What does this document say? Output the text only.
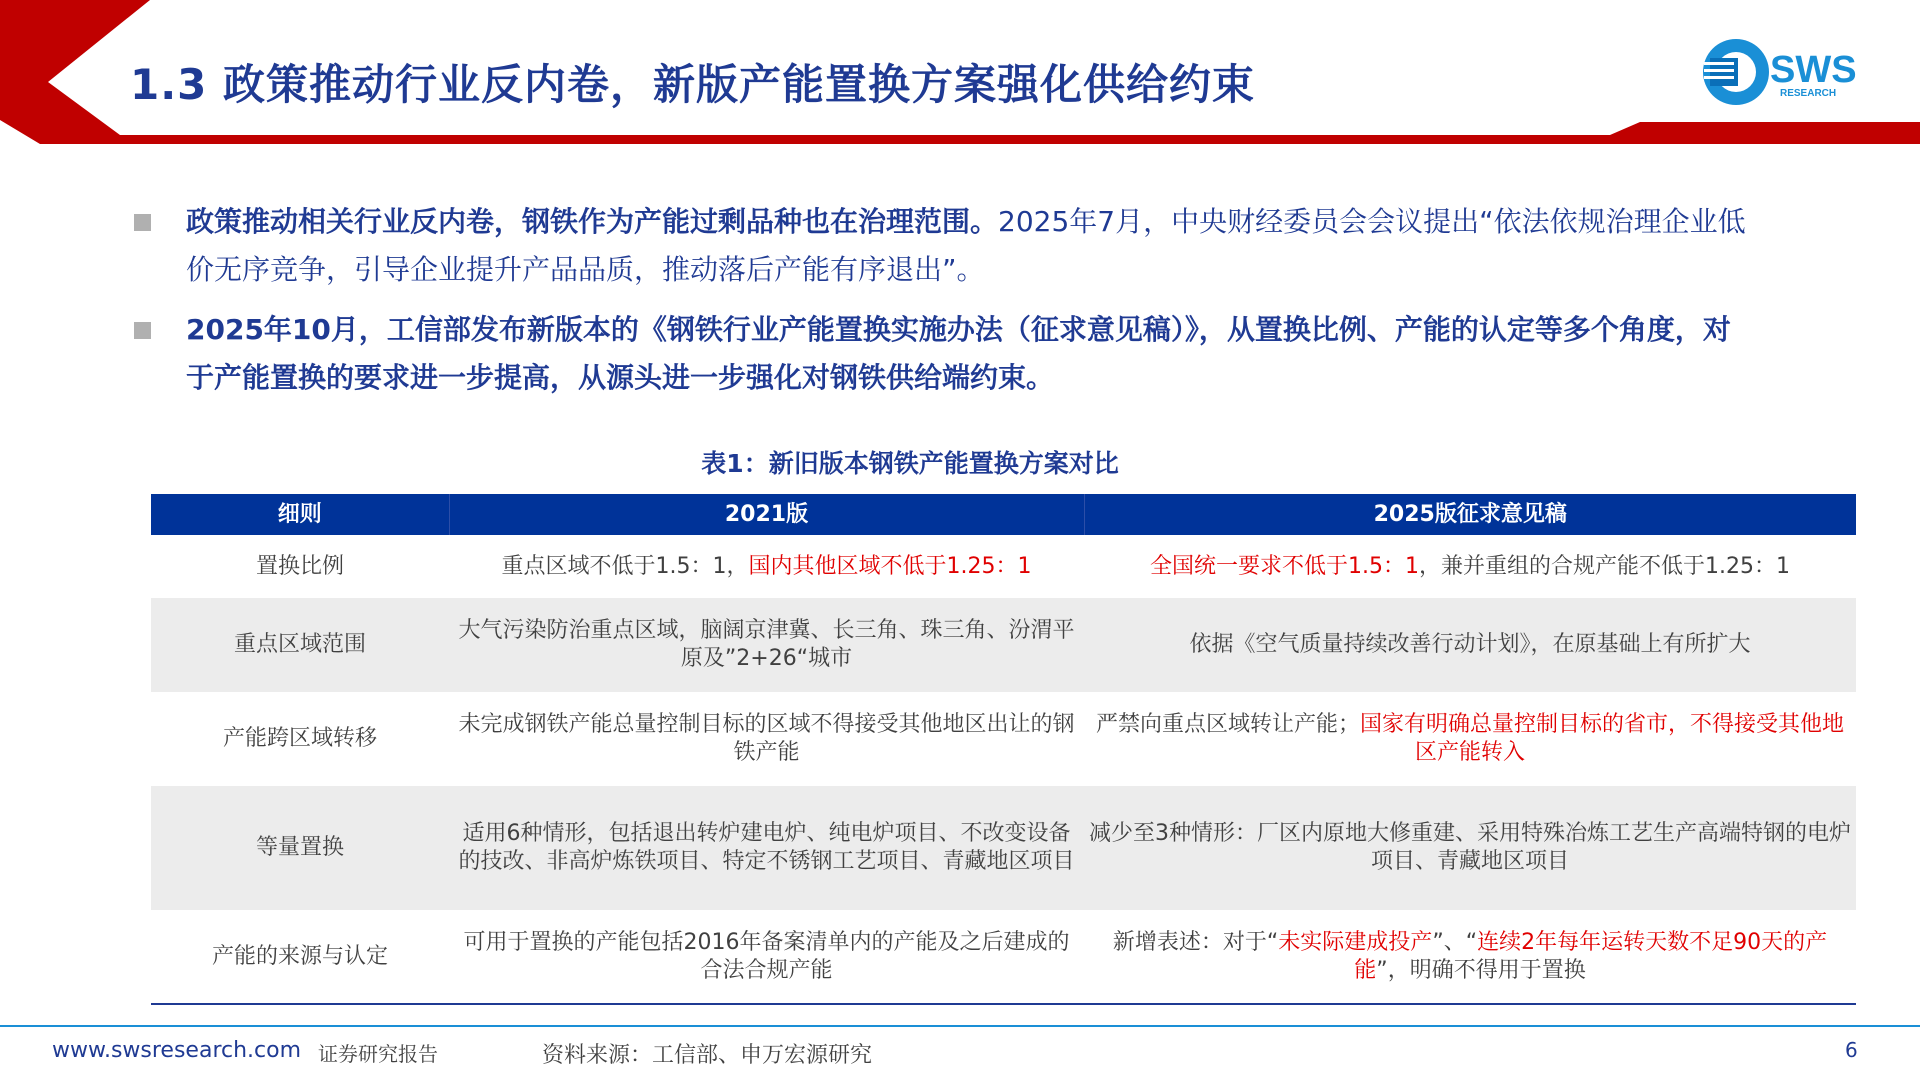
1.3 政策推动行业反内卷，新版产能置换方案强化供给约束	SWS
RESEARCH
政策推动相关行业反内卷，钢铁作为产能过剩品种也在治理范围。2025年7月，中央财经委员会会议提出“依法依规治理企业低价无序竞争，引导企业提升产品品质，推动落后产能有序退出”。
2025年10月，工信部发布新版本的《钢铁行业产能置换实施办法（征求意见稿）》，从置换比例、产能的认定等多个角度，对于产能置换的要求进一步提高，从源头进一步强化对钢铁供给端约束。
表1：新旧版本钢铁产能置换方案对比
细则	2021版	2025版征求意见稿
置换比例	重点区域不低于1.5：1，国内其他区域不低于1.25：1	全国统一要求不低于1.5：1，兼并重组的合规产能不低于1.25：1
重点区域范围	大气污染防治重点区域，脑阔京津冀、长三角、珠三角、汾渭平原及”2+26“城市	依据《空气质量持续改善行动计划》，在原基础上有所扩大
产能跨区域转移	未完成钢铁产能总量控制目标的区域不得接受其他地区出让的钢铁产能	严禁向重点区域转让产能；国家有明确总量控制目标的省市，不得接受其他地区产能转入
等量置换	适用6种情形，包括退出转炉建电炉、纯电炉项目、不改变设备的技改、非高炉炼铁项目、特定不锈钢工艺项目、青藏地区项目	减少至3种情形：厂区内原地大修重建、采用特殊冶炼工艺生产高端特钢的电炉项目、青藏地区项目
产能的来源与认定	可用于置换的产能包括2016年备案清单内的产能及之后建成的合法合规产能	新增表述：对于“未实际建成投产”、“连续2年每年运转天数不足90天的产能”，明确不得用于置换
www.swsresearch.com 证券研究报告	资料来源：工信部、申万宏源研究	6
